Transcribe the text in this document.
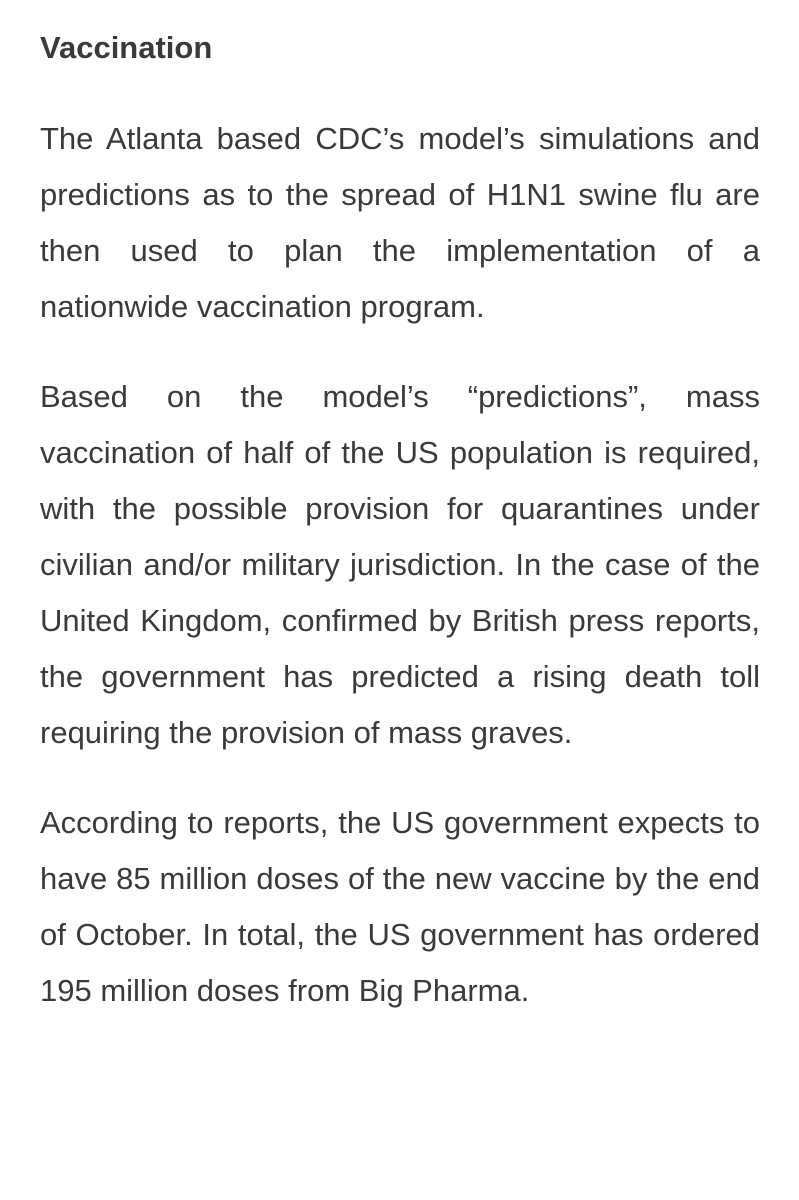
Vaccination

The Atlanta based CDC’s model’s simulations and predictions as to the spread of H1N1 swine flu are then used to plan the implementation of a nationwide vaccination program.

Based on the model’s “predictions”, mass vaccination of half of the US population is required, with the possible provision for quarantines under civilian and/or military jurisdiction. In the case of the United Kingdom, confirmed by British press reports, the government has predicted a rising death toll requiring the provision of mass graves.

According to reports, the US government expects to have 85 million doses of the new vaccine by the end of October. In total, the US government has ordered 195 million doses from Big Pharma.
